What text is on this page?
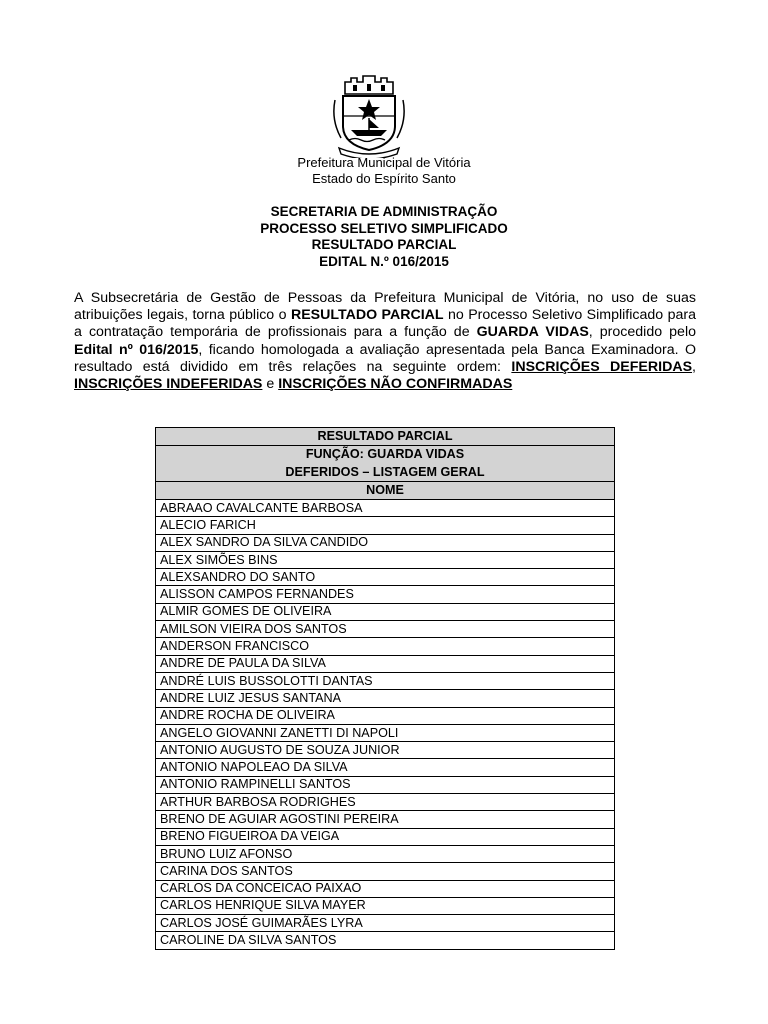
Prefeitura Municipal de Vitória
Estado do Espírito Santo
SECRETARIA DE ADMINISTRAÇÃO
PROCESSO SELETIVO SIMPLIFICADO
RESULTADO PARCIAL
EDITAL N.º 016/2015
A Subsecretária de Gestão de Pessoas da Prefeitura Municipal de Vitória, no uso de suas atribuições legais, torna público o RESULTADO PARCIAL no Processo Seletivo Simplificado para a contratação temporária de profissionais para a função de GUARDA VIDAS, procedido pelo Edital nº 016/2015, ficando homologada a avaliação apresentada pela Banca Examinadora. O resultado está dividido em três relações na seguinte ordem: INSCRIÇÕES DEFERIDAS, INSCRIÇÕES INDEFERIDAS e INSCRIÇÕES NÃO CONFIRMADAS
RESULTADO PARCIAL

FUNÇÃO: GUARDA VIDAS
DEFERIDOS – LISTAGEM GERAL

NOME
ABRAAO CAVALCANTE BARBOSA
ALECIO FARICH
ALEX SANDRO DA SILVA CANDIDO
ALEX SIMÕES BINS
ALEXSANDRO DO SANTO
ALISSON CAMPOS FERNANDES
ALMIR GOMES DE OLIVEIRA
AMILSON VIEIRA DOS SANTOS
ANDERSON FRANCISCO
ANDRE DE PAULA DA SILVA
ANDRÉ LUIS BUSSOLOTTI DANTAS
ANDRE LUIZ JESUS SANTANA
ANDRE ROCHA DE OLIVEIRA
ANGELO GIOVANNI ZANETTI DI NAPOLI
ANTONIO AUGUSTO DE SOUZA JUNIOR
ANTONIO NAPOLEAO DA SILVA
ANTONIO RAMPINELLI SANTOS
ARTHUR BARBOSA RODRIGHES
BRENO DE AGUIAR AGOSTINI PEREIRA
BRENO FIGUEIROA DA VEIGA
BRUNO LUIZ AFONSO
CARINA DOS SANTOS
CARLOS DA CONCEICAO PAIXAO
CARLOS HENRIQUE SILVA MAYER
CARLOS JOSÉ GUIMARÃES LYRA
CAROLINE DA SILVA SANTOS
